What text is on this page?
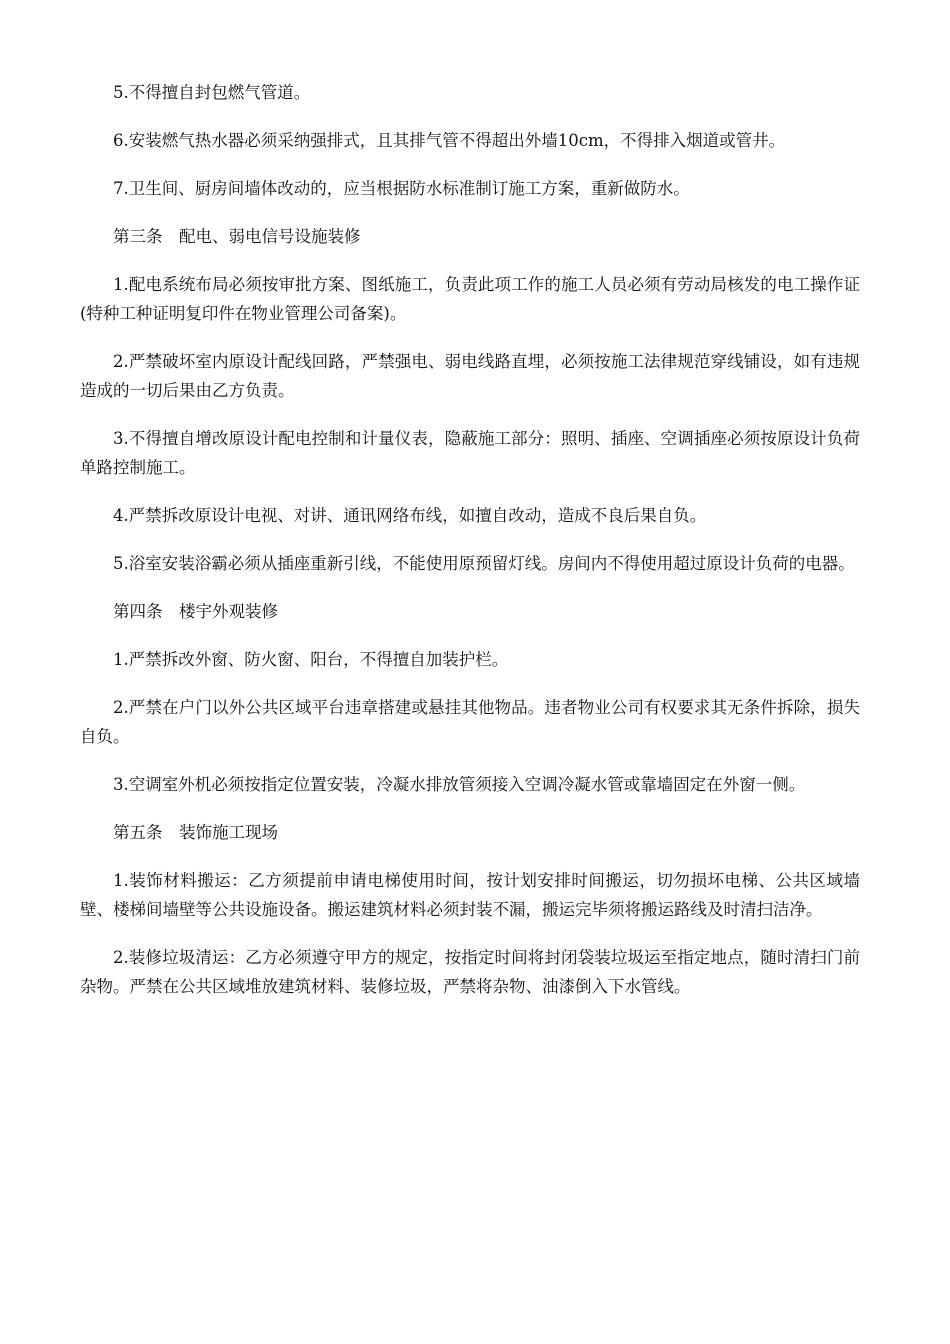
5.不得擅自封包燃气管道。

6.安装燃气热水器必须采纳强排式，且其排气管不得超出外墙10cm，不得排入烟道或管井。

7.卫生间、厨房间墙体改动的，应当根据防水标准制订施工方案，重新做防水。

第三条　配电、弱电信号设施装修

1.配电系统布局必须按审批方案、图纸施工，负责此项工作的施工人员必须有劳动局核发的电工操作证(特种工种证明复印件在物业管理公司备案)。

2.严禁破坏室内原设计配线回路，严禁强电、弱电线路直埋，必须按施工法律规范穿线铺设，如有违规造成的一切后果由乙方负责。

3.不得擅自增改原设计配电控制和计量仪表，隐蔽施工部分：照明、插座、空调插座必须按原设计负荷单路控制施工。

4.严禁拆改原设计电视、对讲、通讯网络布线，如擅自改动，造成不良后果自负。

5.浴室安装浴霸必须从插座重新引线，不能使用原预留灯线。房间内不得使用超过原设计负荷的电器。

第四条　楼宇外观装修

1.严禁拆改外窗、防火窗、阳台，不得擅自加装护栏。

2.严禁在户门以外公共区域平台违章搭建或悬挂其他物品。违者物业公司有权要求其无条件拆除，损失自负。

3.空调室外机必须按指定位置安装，冷凝水排放管须接入空调冷凝水管或靠墙固定在外窗一侧。

第五条　装饰施工现场

1.装饰材料搬运：乙方须提前申请电梯使用时间，按计划安排时间搬运，切勿损坏电梯、公共区域墙壁、楼梯间墙壁等公共设施设备。搬运建筑材料必须封装不漏，搬运完毕须将搬运路线及时清扫洁净。

2.装修垃圾清运：乙方必须遵守甲方的规定，按指定时间将封闭袋装垃圾运至指定地点，随时清扫门前杂物。严禁在公共区域堆放建筑材料、装修垃圾，严禁将杂物、油漆倒入下水管线。
